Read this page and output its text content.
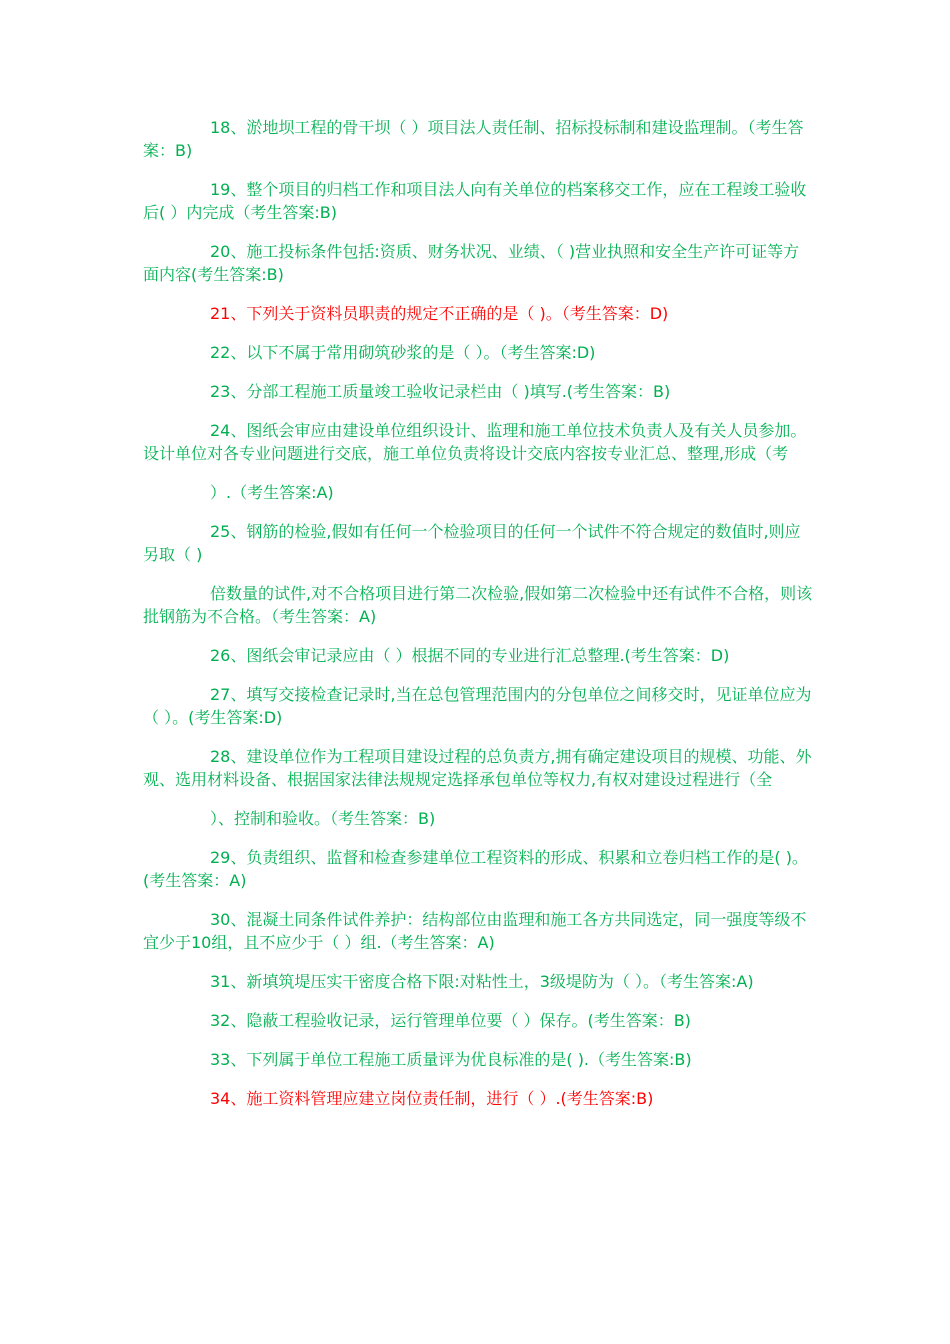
18、淤地坝工程的骨干坝（ ）项目法人责任制、招标投标制和建设监理制。（考生答案：B)

19、整个项目的归档工作和项目法人向有关单位的档案移交工作，应在工程竣工验收后( ）内完成（考生答案:B)

20、施工投标条件包括:资质、财务状况、业绩、（ )营业执照和安全生产许可证等方面内容(考生答案:B)

21、下列关于资料员职责的规定不正确的是（ )。（考生答案：D)

22、以下不属于常用砌筑砂浆的是（ ）。（考生答案:D)

23、分部工程施工质量竣工验收记录栏由（ )填写.(考生答案：B)

24、图纸会审应由建设单位组织设计、监理和施工单位技术负责人及有关人员参加。设计单位对各专业问题进行交底，施工单位负责将设计交底内容按专业汇总、整理,形成（考

）.（考生答案:A)

25、钢筋的检验,假如有任何一个检验项目的任何一个试件不符合规定的数值时,则应另取（ )

倍数量的试件,对不合格项目进行第二次检验,假如第二次检验中还有试件不合格，则该批钢筋为不合格。（考生答案：A)

26、图纸会审记录应由（ ）根据不同的专业进行汇总整理.(考生答案：D)

27、填写交接检查记录时,当在总包管理范围内的分包单位之间移交时，见证单位应为（ ）。(考生答案:D)

28、建设单位作为工程项目建设过程的总负责方,拥有确定建设项目的规模、功能、外观、选用材料设备、根据国家法律法规规定选择承包单位等权力,有权对建设过程进行（全

）、控制和验收。（考生答案：B)

29、负责组织、监督和检查参建单位工程资料的形成、积累和立卷归档工作的是( )。(考生答案：A)

30、混凝土同条件试件养护：结构部位由监理和施工各方共同选定，同一强度等级不宜少于10组，且不应少于（ ）组.（考生答案：A)

31、新填筑堤压实干密度合格下限:对粘性土，3级堤防为（ ）。（考生答案:A)

32、隐蔽工程验收记录，运行管理单位要（ ）保存。(考生答案：B)

33、下列属于单位工程施工质量评为优良标准的是( ).（考生答案:B)

34、施工资料管理应建立岗位责任制，进行（ ）.(考生答案:B)
